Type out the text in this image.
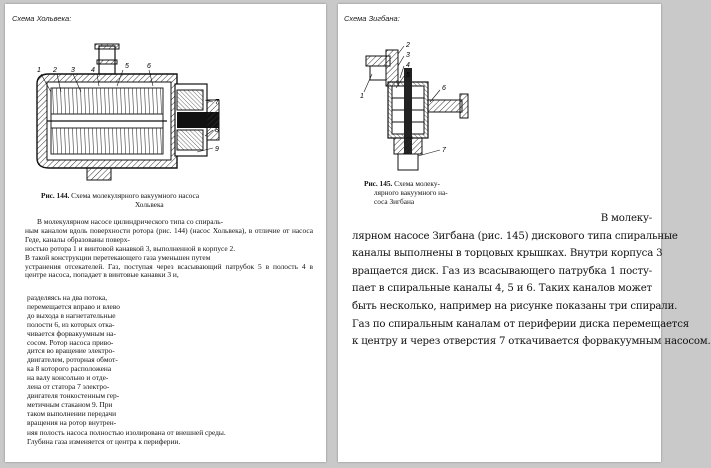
Схема Хольвека:
1 2 3 4
5	6
7
8
9
Рис. 144. Схема молекулярного вакуумного насоса
Хольвека

В молекулярном насосе цилиндрического типа со спираль-

ным каналом вдоль поверхности ротора (рис. 144) (насос Хольвека), в отличие от насоса Геде, каналы образованы поверх-
ностью ротора 1 и винтовой канавкой 3, выполненной в корпусе 2.
В такой конструкции перетекающего газа уменьшен путем
устранения отсекателей. Газ, поступая через всасывающий патрубок 5 в полость 4 в центре насоса, попадает в винтовые канавки 3 и,
разделяясь на два потока,
перемещается вправо и влево
до выхода в нагнетательные
полости 6, из которых отка-
чивается форвакуумным на-
сосом. Ротор насоса приво-
дится во вращение электро-
двигателем, роторная обмот-
ка 8 которого расположена
на валу консольно и отде-
лена от статора 7 электро-
двигателя тонкостенным гер-
метичным стаканом 9. При
таком выполнении передачи
вращения на ротор внутрен-
няя полость насоса полностью изолирована от внешней среды.
Глубина газа изменяется от центра к периферии.
Схема Зигбана:
2
3
4
5
1
6
7
Рис. 145. Схема молеку-
лярного вакуумного на-
соса Зигбана
В молеку-
лярном насосе Зигбана (рис. 145) дискового типа спиральные
каналы выполнены в торцовых крышках. Внутри корпуса 3
вращается диск. Газ из всасывающего патрубка 1 посту-
пает в спиральные каналы 4, 5 и 6. Таких каналов может
быть несколько, например на рисунке показаны три спирали.
Газ по спиральным каналам от периферии диска перемещается
к центру и через отверстия 7 откачивается форвакуумным насосом.
